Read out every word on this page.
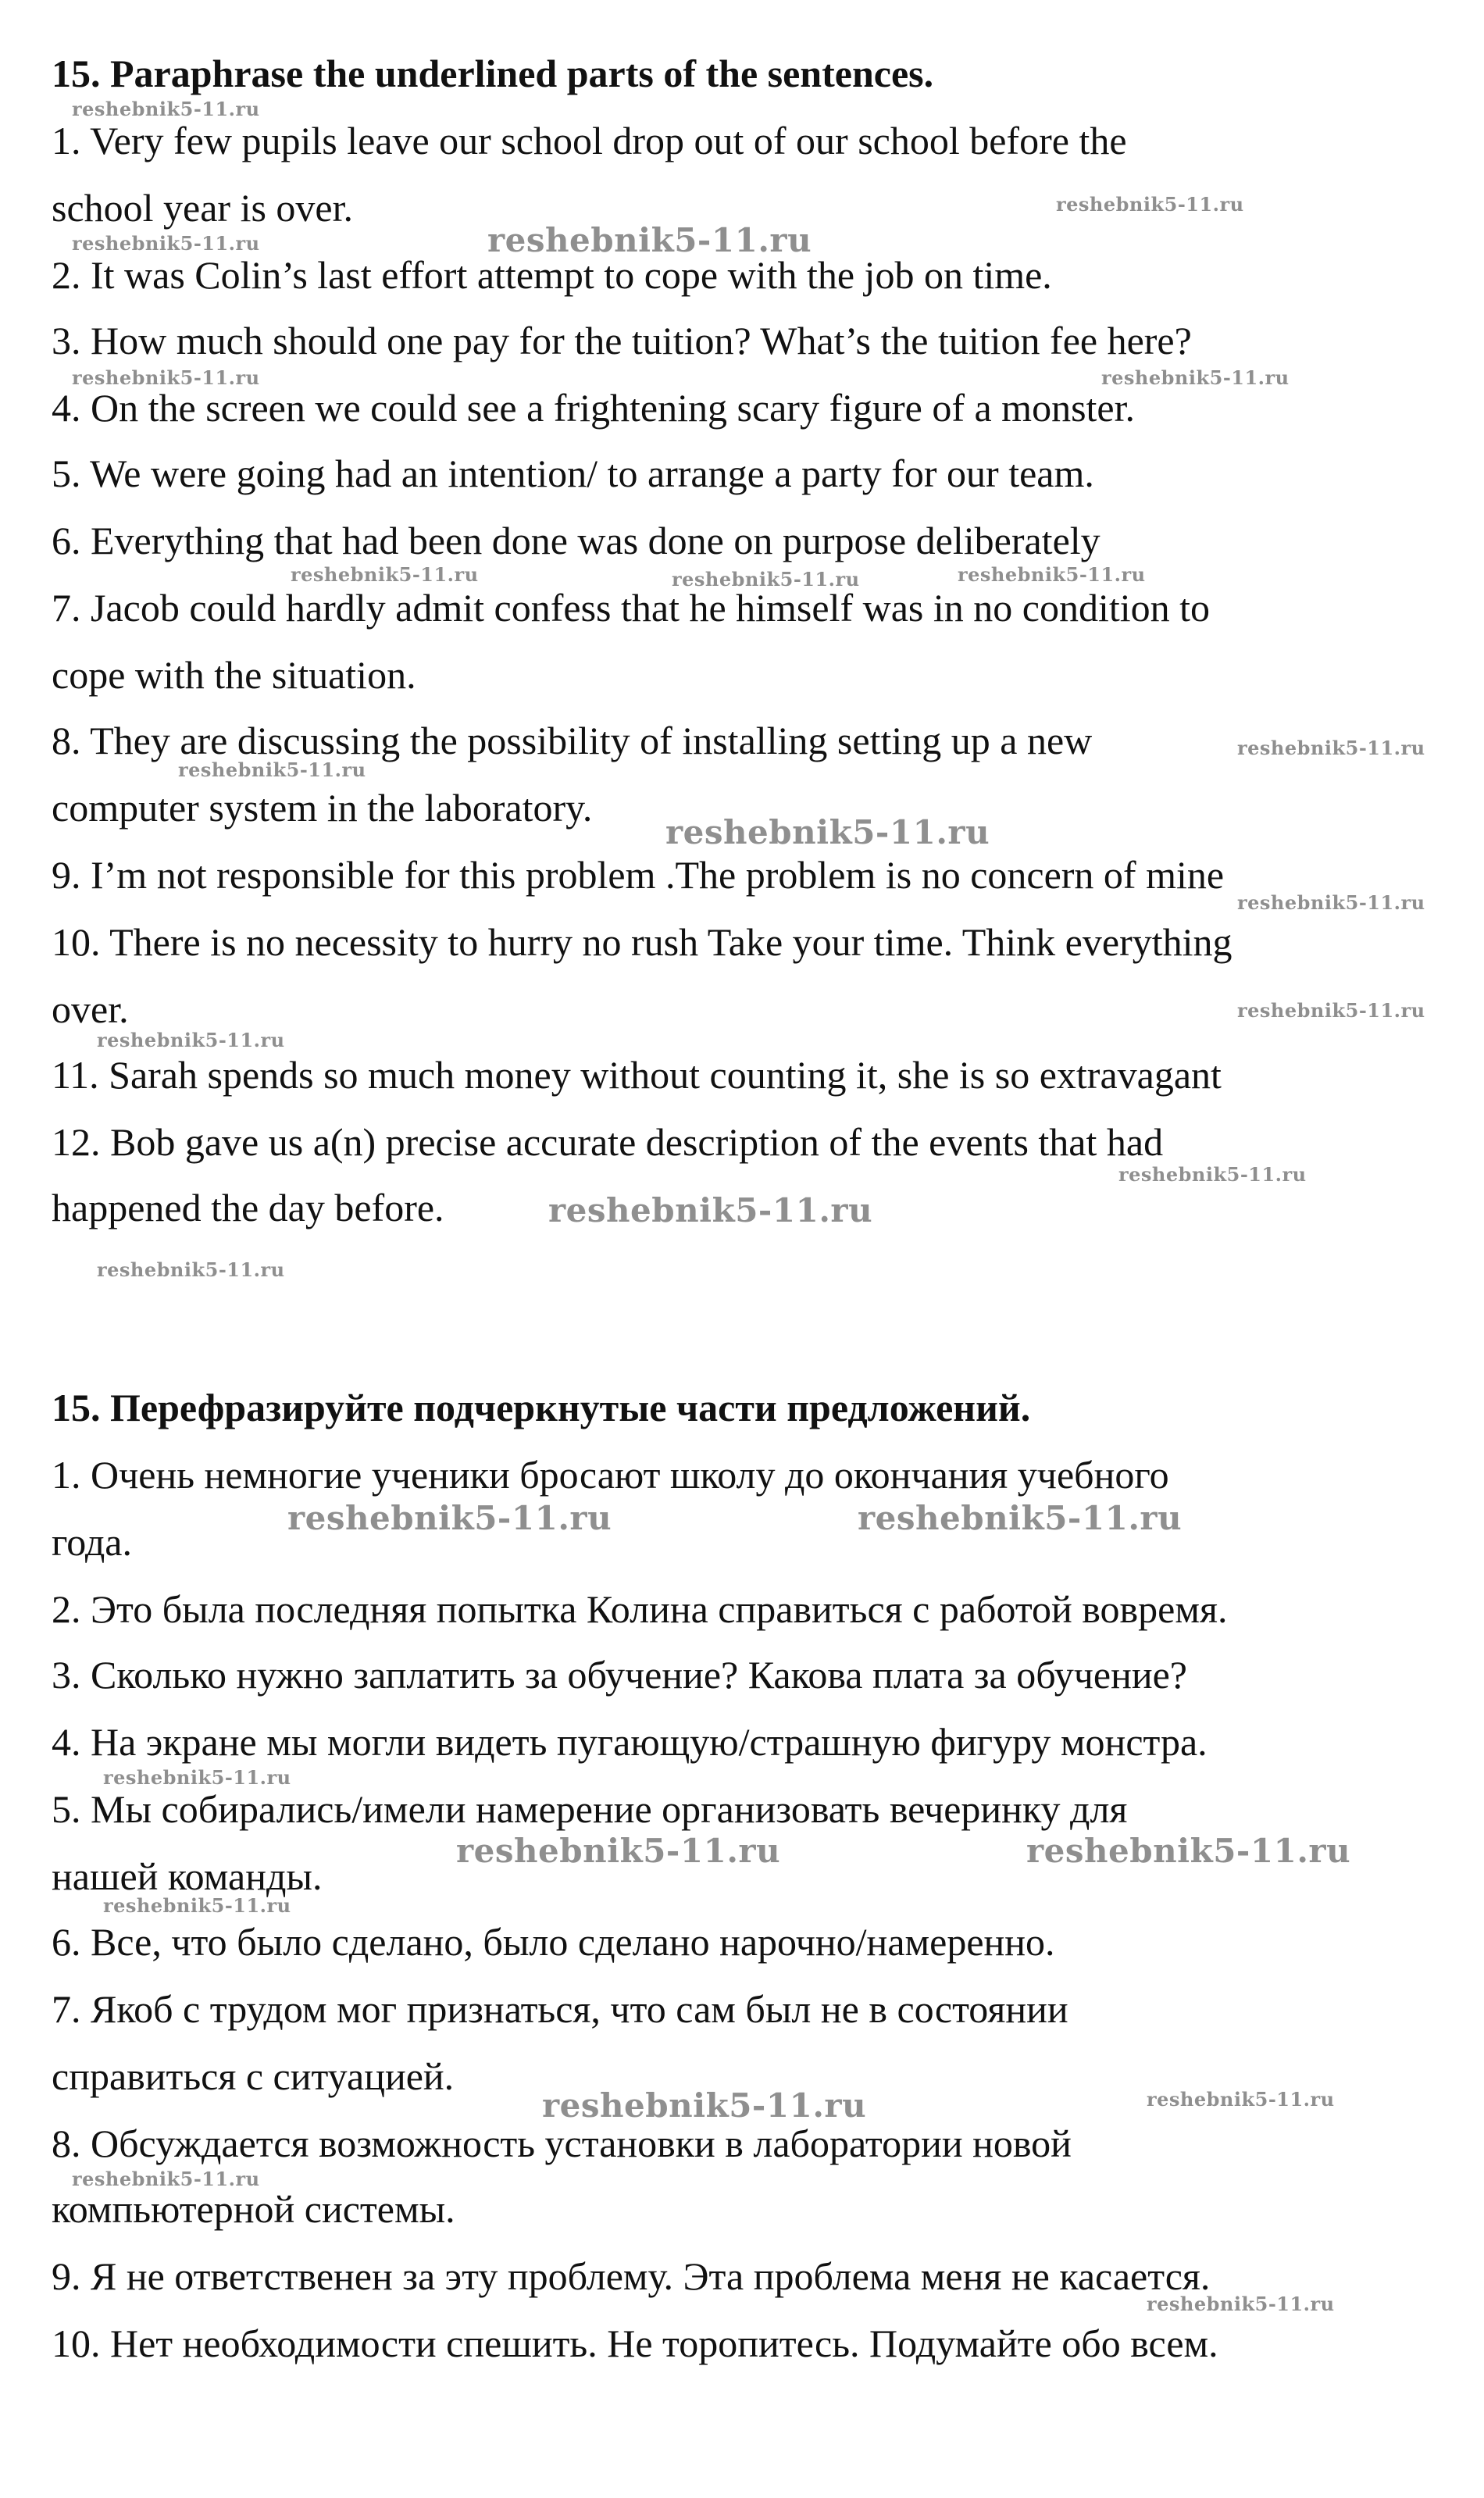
15. Paraphrase the underlined parts of the sentences.
1. Very few pupils leave our school drop out of our school before the
school year is over.
2. It was Colin’s last effort attempt to cope with the job on time.
3. How much should one pay for the tuition? What’s the tuition fee here?
4. On the screen we could see a frightening scary figure of a monster.
5. We were going had an intention/ to arrange a party for our team.
6. Everything that had been done was done on purpose deliberately
7. Jacob could hardly admit confess that he himself was in no condition to
cope with the situation.
8. They are discussing the possibility of installing setting up a new
computer system in the laboratory.
9. I’m not responsible for this problem .The problem is no concern of mine
10. There is no necessity to hurry no rush Take your time. Think everything
over.
11. Sarah spends so much money without counting it, she is so extravagant
12. Bob gave us a(n) precise accurate description of the events that had
happened the day before.
15. Перефразируйте подчеркнутые части предложений.
1. Очень немногие ученики бросают школу до окончания учебного
года.
2. Это была последняя попытка Колина справиться с работой вовремя.
3. Сколько нужно заплатить за обучение? Какова плата за обучение?
4. На экране мы могли видеть пугающую/страшную фигуру монстра.
5. Мы собирались/имели намерение организовать вечеринку для
нашей команды.
6. Все, что было сделано, было сделано нарочно/намеренно.
7. Якоб с трудом мог признаться, что сам был не в состоянии
справиться с ситуацией.
8. Обсуждается возможность установки в лаборатории новой
компьютерной системы.
9. Я не ответственен за эту проблему. Эта проблема меня не касается.
10. Нет необходимости спешить. Не торопитесь. Подумайте обо всем.
reshebnik5-11.ru
reshebnik5-11.ru
reshebnik5-11.ru	reshebnik5-11.ru
reshebnik5-11.ru	reshebnik5-11.ru
reshebnik5-11.ru	reshebnik5-11.ru	reshebnik5-11.ru
reshebnik5-11.ru
reshebnik5-11.ru
reshebnik5-11.ru
reshebnik5-11.ru
reshebnik5-11.ru
reshebnik5-11.ru
reshebnik5-11.ru
reshebnik5-11.ru
reshebnik5-11.ru
reshebnik5-11.ru	reshebnik5-11.ru
reshebnik5-11.ru
reshebnik5-11.ru	reshebnik5-11.ru
reshebnik5-11.ru
reshebnik5-11.ru	reshebnik5-11.ru
reshebnik5-11.ru
reshebnik5-11.ru
